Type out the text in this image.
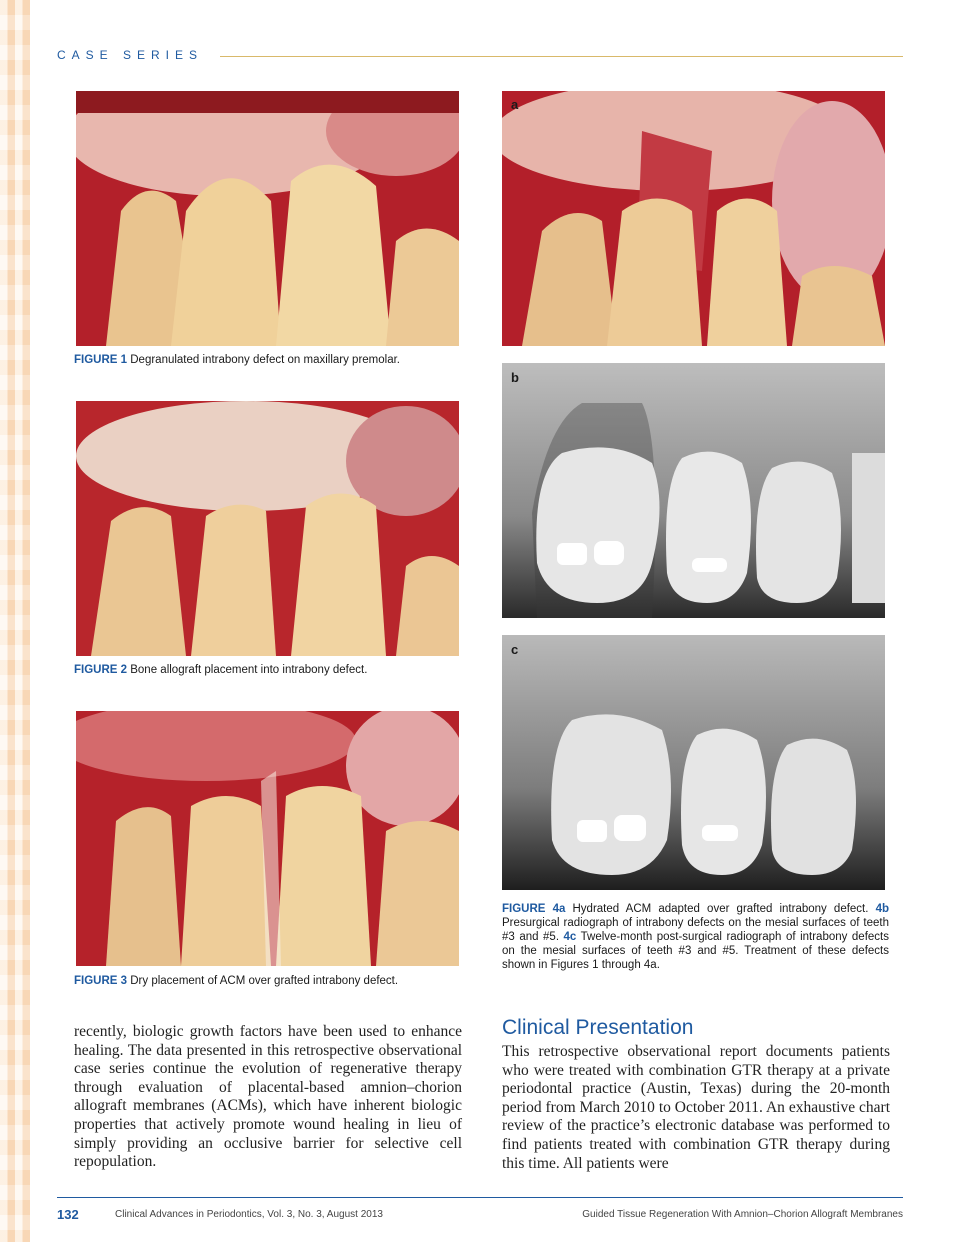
CASE SERIES
FIGURE 1 Degranulated intrabony defect on maxillary premolar.
FIGURE 2 Bone allograft placement into intrabony defect.
FIGURE 3 Dry placement of ACM over grafted intrabony defect.
a
b
c
FIGURE 4a Hydrated ACM adapted over grafted intrabony defect. 4b Presurgical radiograph of intrabony defects on the mesial surfaces of teeth #3 and #5. 4c Twelve-month post-surgical radiograph of intrabony defects on the mesial surfaces of teeth #3 and #5. Treatment of these defects shown in Figures 1 through 4a.
recently, biologic growth factors have been used to enhance healing. The data presented in this retrospective observational case series continue the evolution of regenerative therapy through evaluation of placental-based amnion–chorion allograft membranes (ACMs), which have inherent biologic properties that actively promote wound healing in lieu of simply providing an occlusive barrier for selective cell repopulation.
Clinical Presentation
This retrospective observational report documents patients who were treated with combination GTR therapy at a private periodontal practice (Austin, Texas) during the 20-month period from March 2010 to October 2011. An exhaustive chart review of the practice’s electronic database was performed to find patients treated with combination GTR therapy during this time. All patients were
132	Clinical Advances in Periodontics, Vol. 3, No. 3, August 2013	Guided Tissue Regeneration With Amnion–Chorion Allograft Membranes
